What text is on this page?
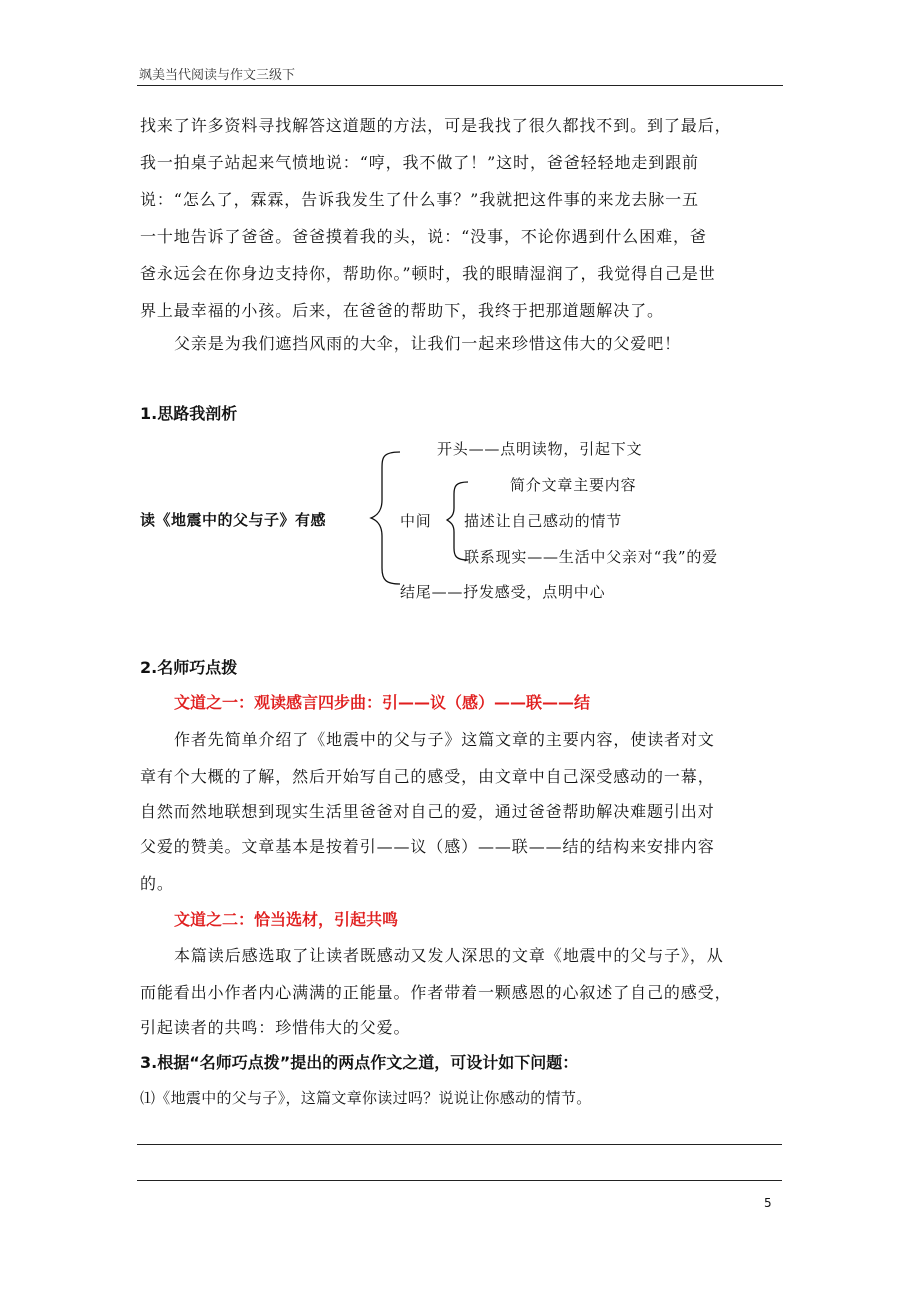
飒美当代阅读与作文三级下
找来了许多资料寻找解答这道题的方法，可是我找了很久都找不到。到了最后，
我一拍桌子站起来气愤地说：“哼，我不做了！”这时，爸爸轻轻地走到跟前
说：“怎么了，霖霖，告诉我发生了什么事？”我就把这件事的来龙去脉一五
一十地告诉了爸爸。爸爸摸着我的头，说：“没事，不论你遇到什么困难，爸
爸永远会在你身边支持你，帮助你。”顿时，我的眼睛湿润了，我觉得自己是世
界上最幸福的小孩。后来，在爸爸的帮助下，我终于把那道题解决了。
父亲是为我们遮挡风雨的大伞，让我们一起来珍惜这伟大的父爱吧！
1.思路我剖析
读《地震中的父与子》有感
开头——点明读物，引起下文
中间
简介文章主要内容
描述让自己感动的情节
联系现实——生活中父亲对“我”的爱
结尾——抒发感受，点明中心
2.名师巧点拨
文道之一：观读感言四步曲：引——议（感）——联——结
作者先简单介绍了《地震中的父与子》这篇文章的主要内容，使读者对文
章有个大概的了解，然后开始写自己的感受，由文章中自己深受感动的一幕，
自然而然地联想到现实生活里爸爸对自己的爱，通过爸爸帮助解决难题引出对
父爱的赞美。文章基本是按着引——议（感）——联——结的结构来安排内容
的。
文道之二：恰当选材，引起共鸣
本篇读后感选取了让读者既感动又发人深思的文章《地震中的父与子》，从
而能看出小作者内心满满的正能量。作者带着一颗感恩的心叙述了自己的感受，
引起读者的共鸣：珍惜伟大的父爱。
3.根据“名师巧点拨”提出的两点作文之道，可设计如下问题：
⑴《地震中的父与子》，这篇文章你读过吗？说说让你感动的情节。
5
